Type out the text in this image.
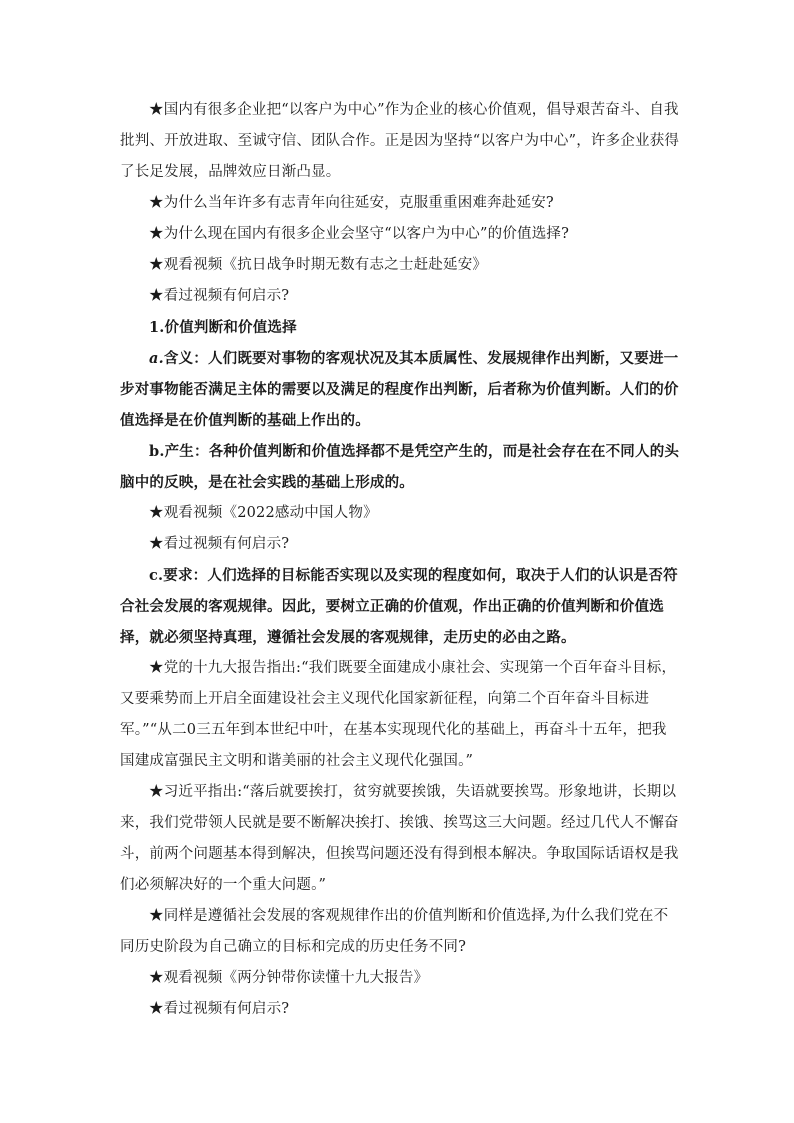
★国内有很多企业把“以客户为中心”作为企业的核心价值观，倡导艰苦奋斗、自我批判、开放进取、至诚守信、团队合作。正是因为坚持“以客户为中心”，许多企业获得了长足发展，品牌效应日渐凸显。

★为什么当年许多有志青年向往延安，克服重重困难奔赴延安?

★为什么现在国内有很多企业会坚守“以客户为中心”的价值选择?

★观看视频《抗日战争时期无数有志之士赶赴延安》

★看过视频有何启示?

1.价值判断和价值选择

a.含义：人们既要对事物的客观状况及其本质属性、发展规律作出判断，又要进一步对事物能否满足主体的需要以及满足的程度作出判断，后者称为价值判断。人们的价值选择是在价值判断的基础上作出的。

b.产生：各种价值判断和价值选择都不是凭空产生的，而是社会存在在不同人的头脑中的反映，是在社会实践的基础上形成的。

★观看视频《2022感动中国人物》

★看过视频有何启示?

c.要求：人们选择的目标能否实现以及实现的程度如何，取决于人们的认识是否符合社会发展的客观规律。因此，要树立正确的价值观，作出正确的价值判断和价值选择，就必须坚持真理，遵循社会发展的客观规律，走历史的必由之路。

★党的十九大报告指出:“我们既要全面建成小康社会、实现第一个百年奋斗目标，又要乘势而上开启全面建设社会主义现代化国家新征程，向第二个百年奋斗目标进军。”“从二0三五年到本世纪中叶，在基本实现现代化的基础上，再奋斗十五年，把我国建成富强民主文明和谐美丽的社会主义现代化强国。”

★习近平指出:“落后就要挨打，贫穷就要挨饿，失语就要挨骂。形象地讲，长期以来，我们党带领人民就是要不断解决挨打、挨饿、挨骂这三大问题。经过几代人不懈奋斗，前两个问题基本得到解决，但挨骂问题还没有得到根本解决。争取国际话语权是我们必须解决好的一个重大问题。”

★同样是遵循社会发展的客观规律作出的价值判断和价值选择,为什么我们党在不同历史阶段为自己确立的目标和完成的历史任务不同?

★观看视频《两分钟带你读懂十九大报告》

★看过视频有何启示?
